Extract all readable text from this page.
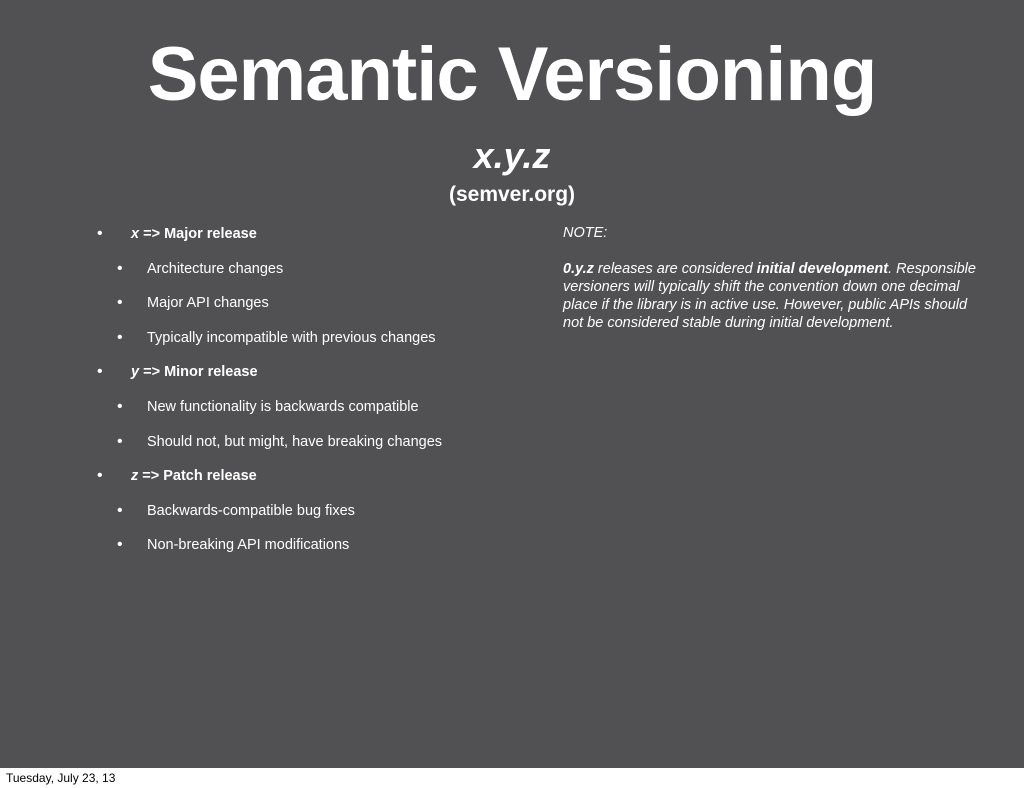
Semantic Versioning
x.y.z
(semver.org)
• x => Major release
• Architecture changes
• Major API changes
• Typically incompatible with previous changes
• y => Minor release
• New functionality is backwards compatible
• Should not, but might, have breaking changes
• z => Patch release
• Backwards-compatible bug fixes
• Non-breaking API modifications
NOTE:
0.y.z releases are considered initial development. Responsible versioners will typically shift the convention down one decimal place if the library is in active use. However, public APIs should not be considered stable during initial development.
Tuesday, July 23, 13
